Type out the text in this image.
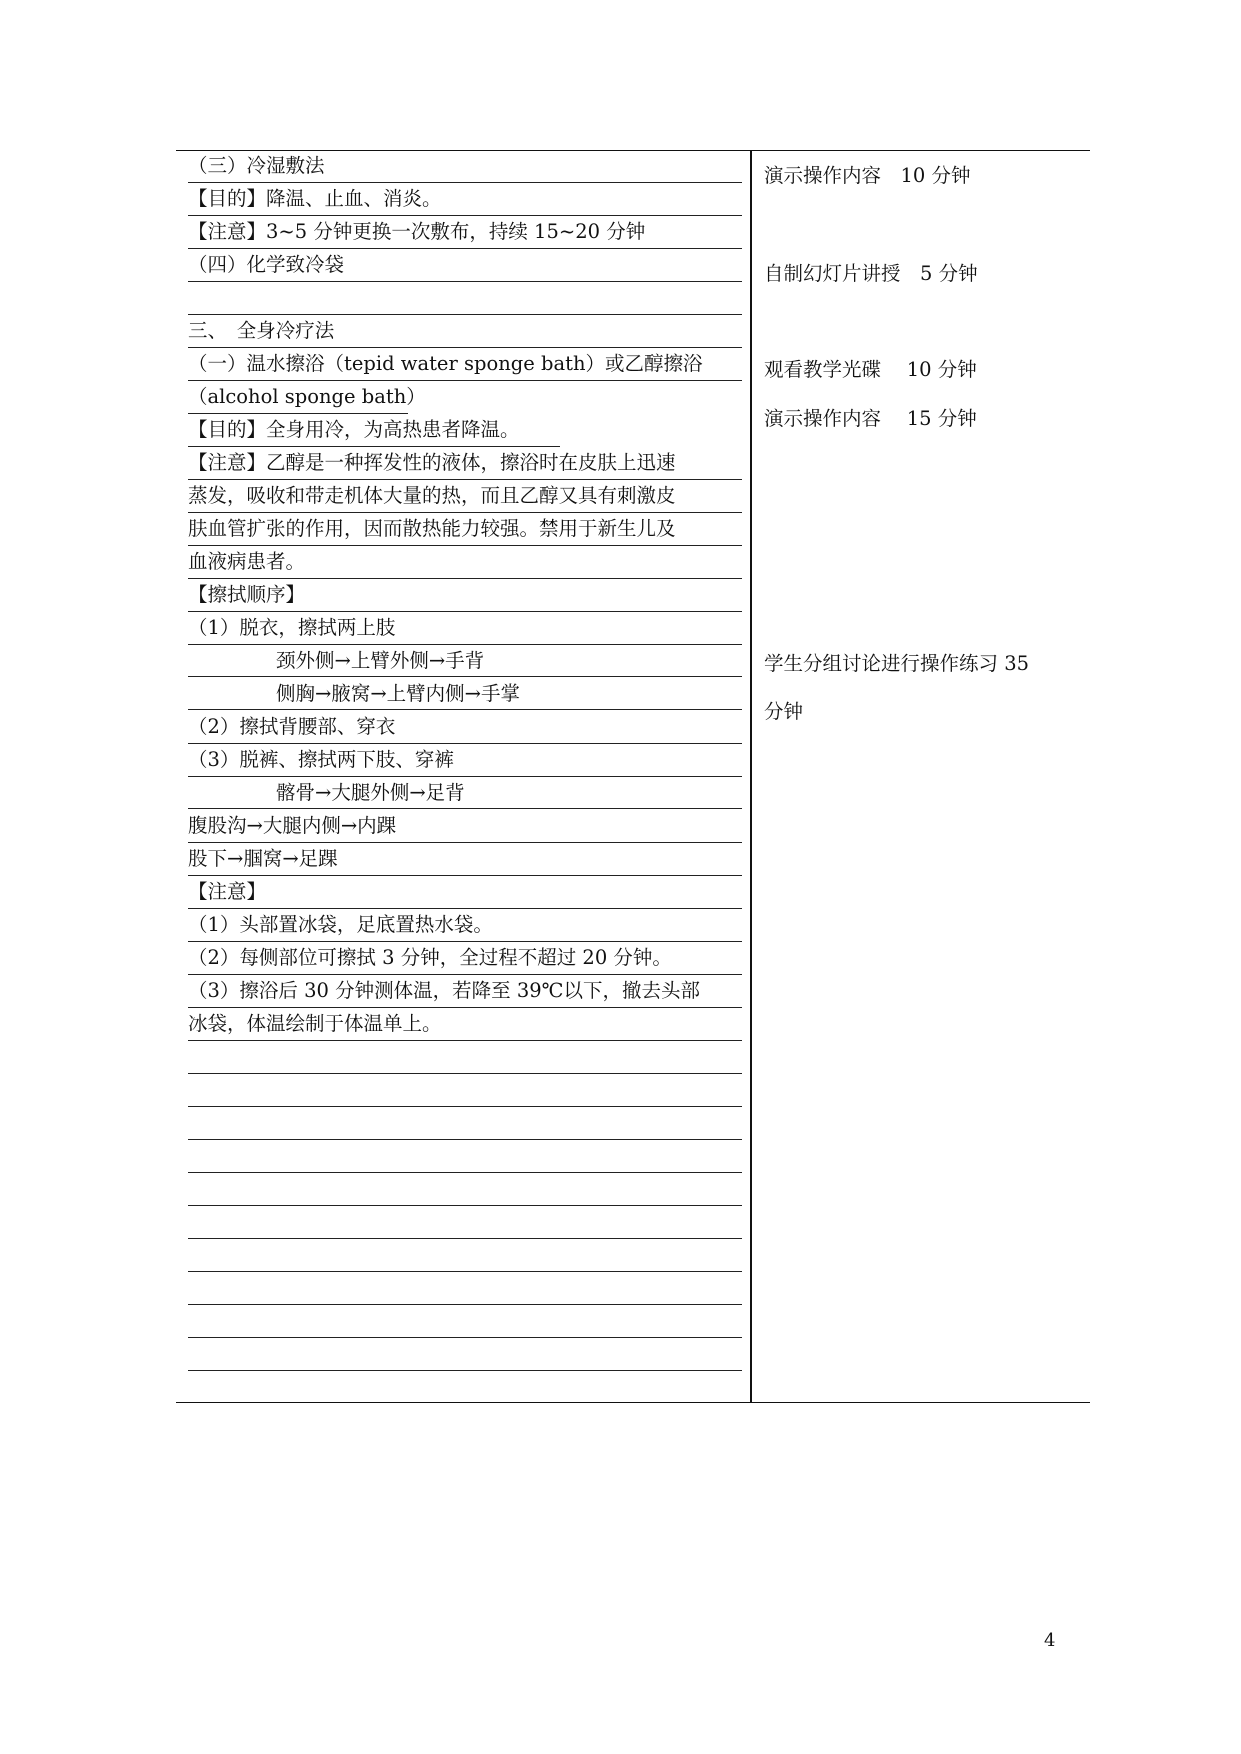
（三）冷湿敷法
【目的】降温、止血、消炎。
【注意】3~5 分钟更换一次敷布，持续 15~20 分钟
（四）化学致冷袋
三、　全身冷疗法
（一）温水擦浴（tepid water sponge bath）或乙醇擦浴
（alcohol sponge bath）
【目的】全身用冷，为高热患者降温。
【注意】乙醇是一种挥发性的液体，擦浴时在皮肤上迅速
蒸发，吸收和带走机体大量的热，而且乙醇又具有刺激皮
肤血管扩张的作用，因而散热能力较强。禁用于新生儿及
血液病患者。
【擦拭顺序】
（1）脱衣，擦拭两上肢
颈外侧→上臂外侧→手背
侧胸→腋窝→上臂内侧→手掌
（2）擦拭背腰部、穿衣
（3）脱裤、擦拭两下肢、穿裤
髂骨→大腿外侧→足背
腹股沟→大腿内侧→内踝
股下→腘窝→足踝
【注意】
（1）头部置冰袋，足底置热水袋。
（2）每侧部位可擦拭 3 分钟，全过程不超过 20 分钟。
（3）擦浴后 30 分钟测体温，若降至 39℃以下，撤去头部
冰袋，体温绘制于体温单上。
演示操作内容　10 分钟
自制幻灯片讲授　5 分钟
观看教学光碟　 10 分钟
演示操作内容　 15 分钟
学生分组讨论进行操作练习 35
分钟
4
